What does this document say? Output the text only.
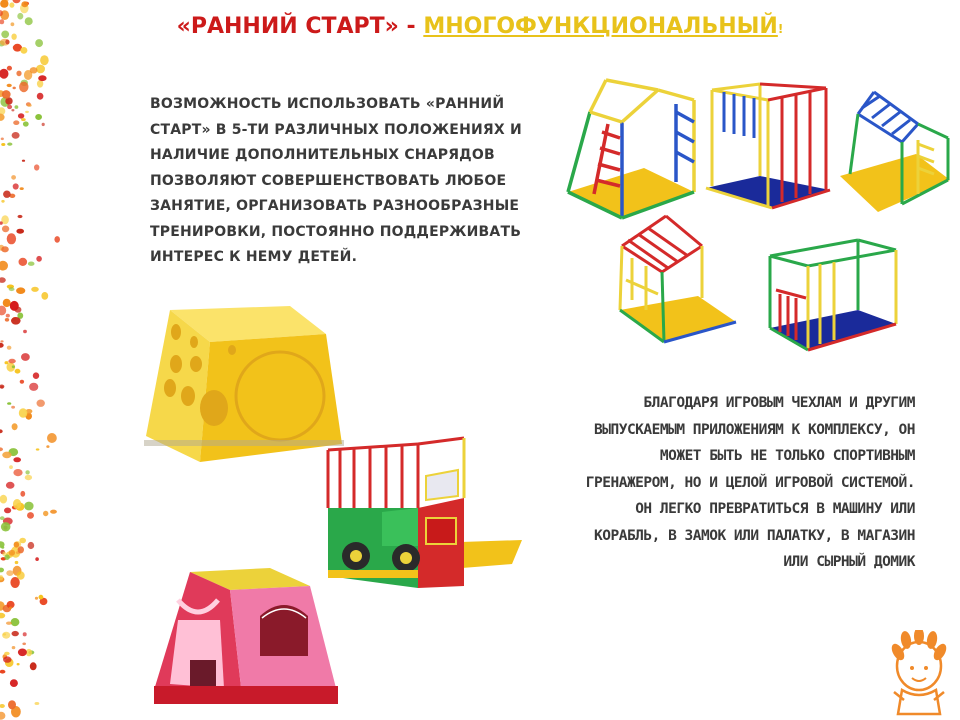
«РАННИЙ СТАРТ» - МНОГОФУНКЦИОНАЛЬНЫЙ!
ВОЗМОЖНОСТЬ ИСПОЛЬЗОВАТЬ «РАННИЙ
СТАРТ» В 5-ТИ РАЗЛИЧНЫХ ПОЛОЖЕНИЯХ И
НАЛИЧИЕ ДОПОЛНИТЕЛЬНЫХ СНАРЯДОВ
ПОЗВОЛЯЮТ СОВЕРШЕНСТВОВАТЬ ЛЮБОЕ
ЗАНЯТИЕ, ОРГАНИЗОВАТЬ РАЗНООБРАЗНЫЕ
ТРЕНИРОВКИ, ПОСТОЯННО ПОДДЕРЖИВАТЬ
ИНТЕРЕС К НЕМУ ДЕТЕЙ.
БЛАГОДАРЯ ИГРОВЫМ ЧЕХЛАМ И ДРУГИМ
ВЫПУСКАЕМЫМ ПРИЛОЖЕНИЯМ К КОМПЛЕКСУ, ОН
МОЖЕТ БЫТЬ НЕ ТОЛЬКО СПОРТИВНЫМ
ГРЕНАЖЕРОМ, НО И ЦЕЛОЙ ИГРОВОЙ СИСТЕМОЙ.
ОН ЛЕГКО ПРЕВРАТИТЬСЯ В МАШИНУ ИЛИ
КОРАБЛЬ, В ЗАМОК ИЛИ ПАЛАТКУ, В МАГАЗИН
ИЛИ СЫРНЫЙ ДОМИК
